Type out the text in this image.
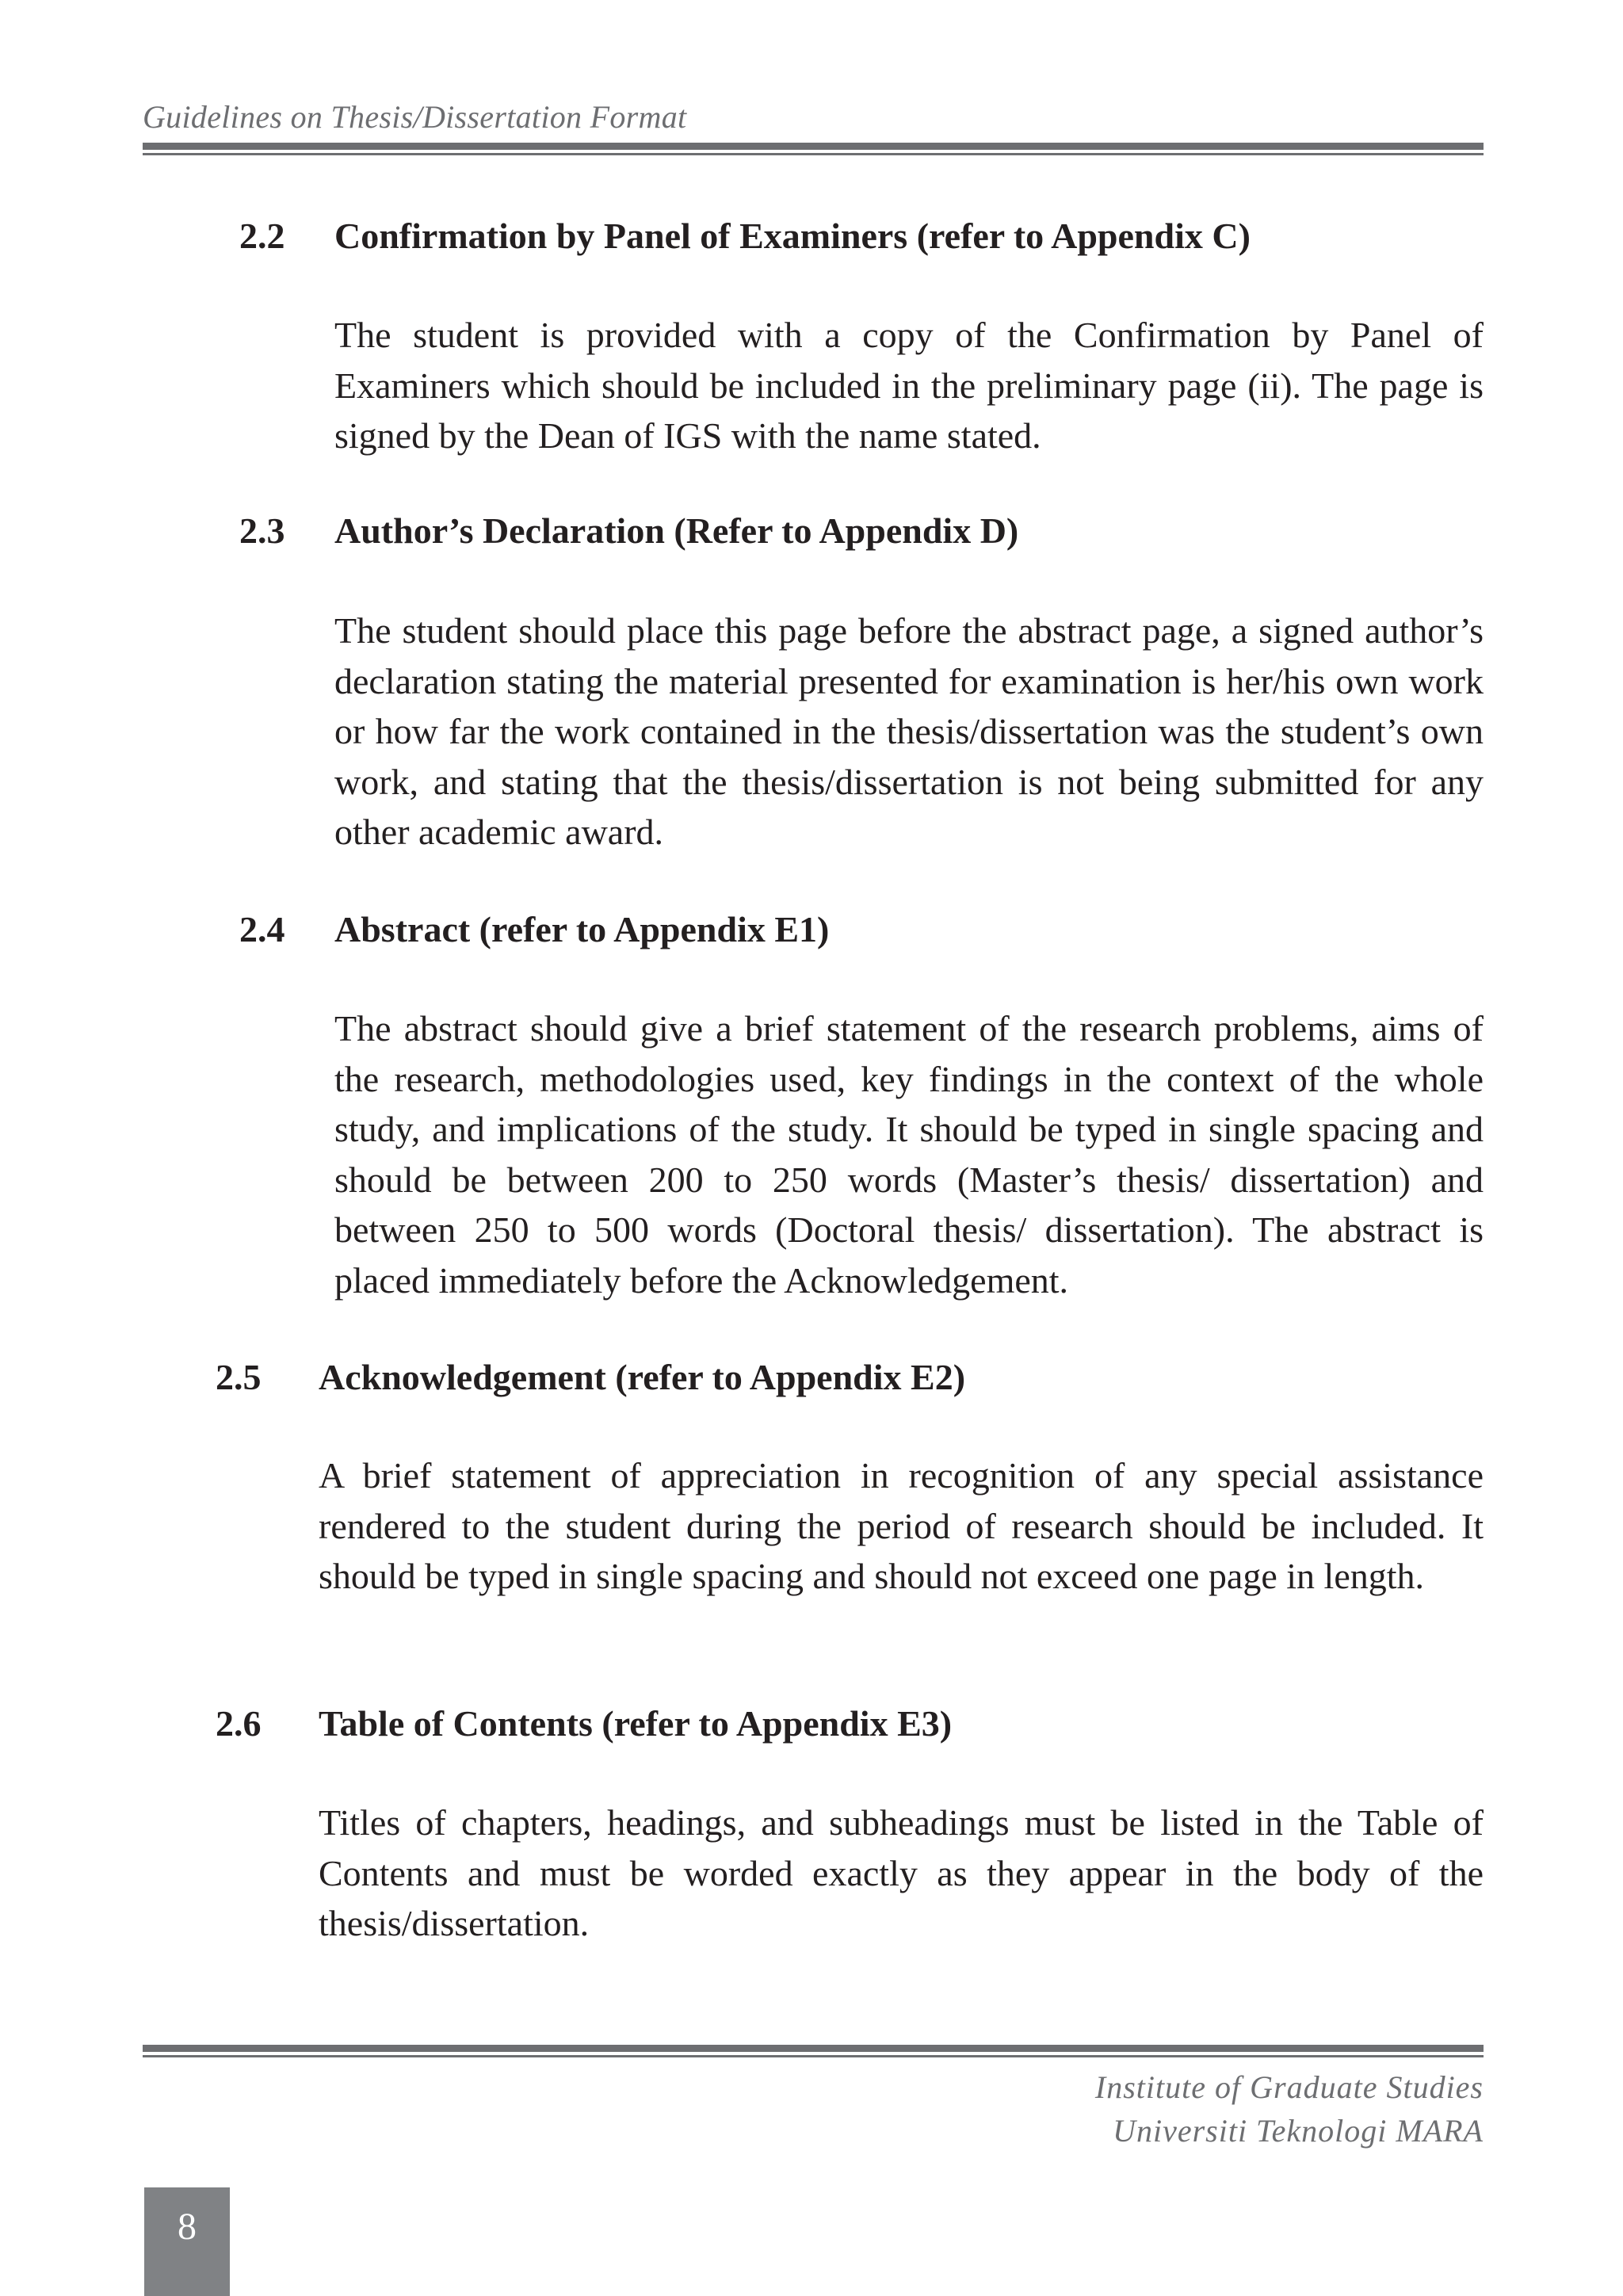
Guidelines on Thesis/Dissertation Format
2.2 Confirmation by Panel of Examiners (refer to Appendix C)
The student is provided with a copy of the Confirmation by Panel of Examiners which should be included in the preliminary page (ii). The page is signed by the Dean of IGS with the name stated.
2.3 Author’s Declaration (Refer to Appendix D)
The student should place this page before the abstract page, a signed author’s declaration stating the material presented for examination is her/his own work or how far the work contained in the thesis/dissertation was the student’s own work, and stating that the thesis/dissertation is not being submitted for any other academic award.
2.4 Abstract (refer to Appendix E1)
The abstract should give a brief statement of the research problems, aims of the research, methodologies used, key findings in the context of the whole study, and implications of the study. It should be typed in single spacing and should be between 200 to 250 words (Master’s thesis/ dissertation) and between 250 to 500 words (Doctoral thesis/ dissertation). The abstract is placed immediately before the Acknowledgement.
2.5 Acknowledgement (refer to Appendix E2)
A brief statement of appreciation in recognition of any special assistance rendered to the student during the period of research should be included. It should be typed in single spacing and should not exceed one page in length.
2.6 Table of Contents (refer to Appendix E3)
Titles of chapters, headings, and subheadings must be listed in the Table of Contents and must be worded exactly as they appear in the body of the thesis/dissertation.
Institute of Graduate Studies
Universiti Teknologi MARA
8
